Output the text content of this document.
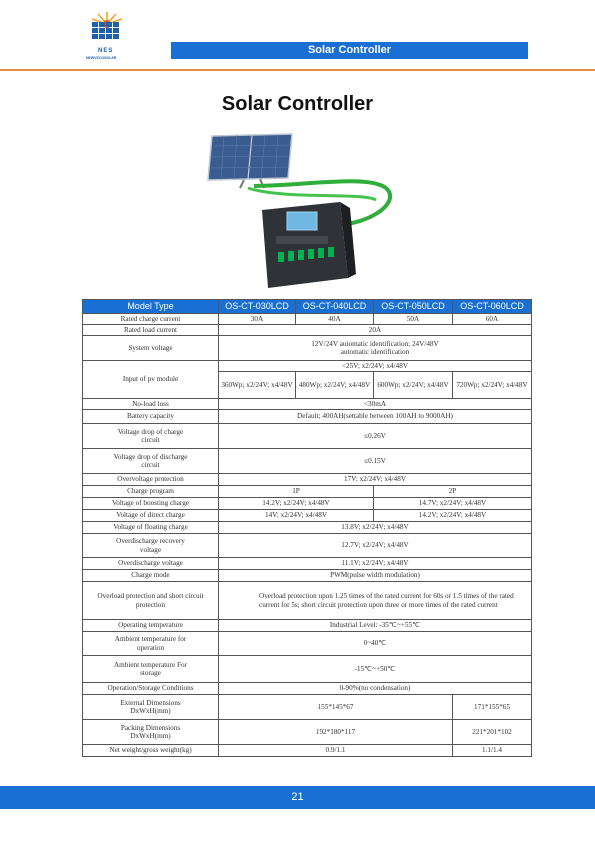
NES
NEWVECOSOLAR
Solar Controller
Solar Controller
Model Type	OS-CT-030LCD	OS-CT-040LCD	OS-CT-050LCD	OS-CT-060LCD
Rated charge current	30A	40A	50A	60A
Rated load current	20A			
System voltage	12V/24V automatic identification; 24V/48V automatic identification			
Input of pv module	<25V; x2/24V; x4/48V			
	360Wp; x2/24V; x4/48V	480Wp; x2/24V; x4/48V	600Wp; x2/24V; x4/48V	720Wp; x2/24V; x4/48V
No-load loss	<30mA			
Battery capacity	Default; 400AH(settable between 100AH to 9000AH)			
Voltage drop of charge circuit	≤0.26V			
Voltage drop of discharge circuit	≤0.15V			
Overvoltage protection	17V; x2/24V; x4/48V			
Charge program	1P		2P	
Voltage of boosting charge	14.2V; x2/24V; x4/48V		14.7V; x2/24V; x4/48V	
Voltage of direct charge	14V; x2/24V; x4/48V		14.2V; x2/24V; x4/48V	
Voltage of floating charge	13.8V; x2/24V; x4/48V			
Overdischarge recovery voltage	12.7V; x2/24V; x4/48V			
Overdischarge voltage	11.1V; x2/24V; x4/48V			
Charge mode	PWM(pulse width modulation)			
Overload protection and short circuit protection	Overload protection upon 1.25 times of the rated current for 60s or 1.5 times of the rated current for 5s; short circuit protection upon three or more times of the rated current			
Operating temperature	Industrial Level: -35℃~+55℃			
Ambient temperature for operation	0~40℃			
Ambient temperature For storage	-15℃~+50℃			
Operation/Storage Conditions	0-90%(no condensation)			
External Dimensions DxWxH(mm)	155*145*67			171*155*65
Packing Dimensions DxWxH(mm)	192*180*117			221*201*102
Net weight/gross weight(kg)	0.9/1.1			1.1/1.4
21
